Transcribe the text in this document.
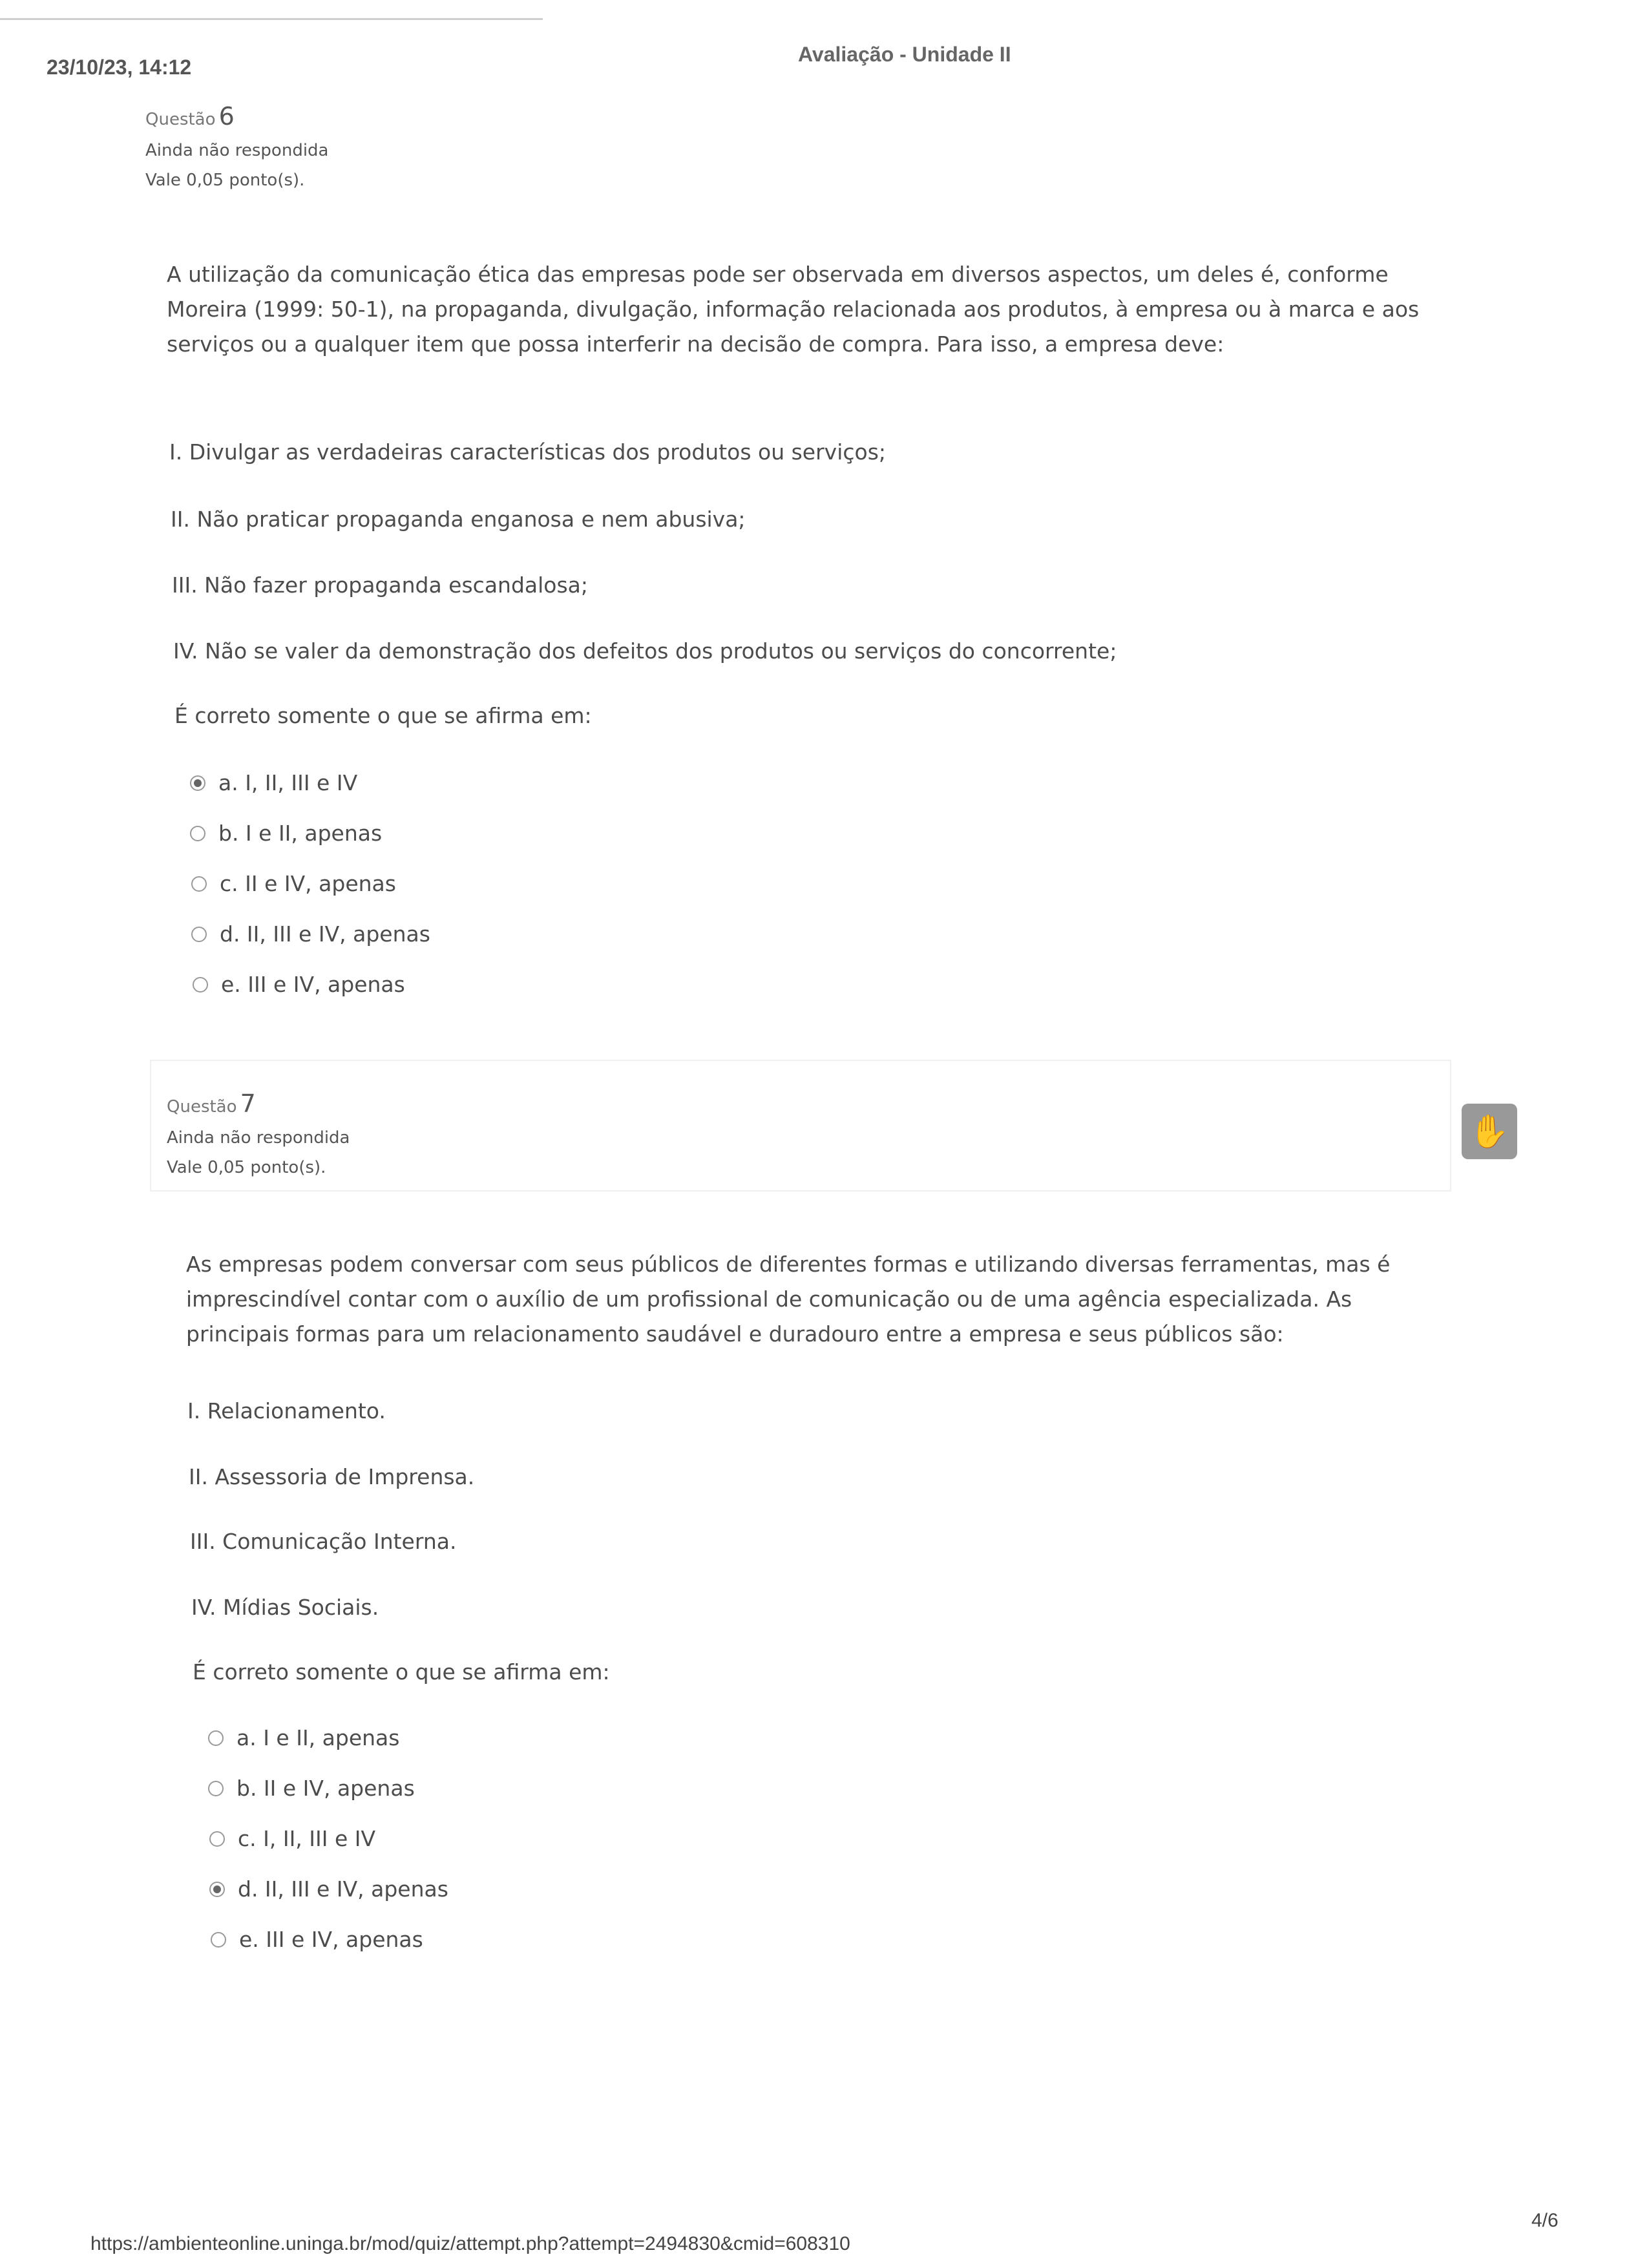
23/10/23, 14:12
Avaliação - Unidade II
Questão 6
Ainda não respondida
Vale 0,05 ponto(s).
A utilização da comunicação ética das empresas pode ser observada em diversos aspectos, um deles é, conforme Moreira (1999: 50-1), na propaganda, divulgação, informação relacionada aos produtos, à empresa ou à marca e aos serviços ou a qualquer item que possa interferir na decisão de compra. Para isso, a empresa deve:
I. Divulgar as verdadeiras características dos produtos ou serviços;
II. Não praticar propaganda enganosa e nem abusiva;
III. Não fazer propaganda escandalosa;
IV. Não se valer da demonstração dos defeitos dos produtos ou serviços do concorrente;
É correto somente o que se afirma em:
a. I, II, III e IV
b. I e II, apenas
c. II e IV, apenas
d. II, III e IV, apenas
e. III e IV, apenas
Questão 7
Ainda não respondida
Vale 0,05 ponto(s).
✋
As empresas podem conversar com seus públicos de diferentes formas e utilizando diversas ferramentas, mas é imprescindível contar com o auxílio de um profissional de comunicação ou de uma agência especializada. As principais formas para um relacionamento saudável e duradouro entre a empresa e seus públicos são:
I. Relacionamento.
II. Assessoria de Imprensa.
III. Comunicação Interna.
IV. Mídias Sociais.
É correto somente o que se afirma em:
a. I e II, apenas
b. II e IV, apenas
c. I, II, III e IV
d. II, III e IV, apenas
e. III e IV, apenas
https://ambienteonline.uninga.br/mod/quiz/attempt.php?attempt=2494830&cmid=608310
4/6
